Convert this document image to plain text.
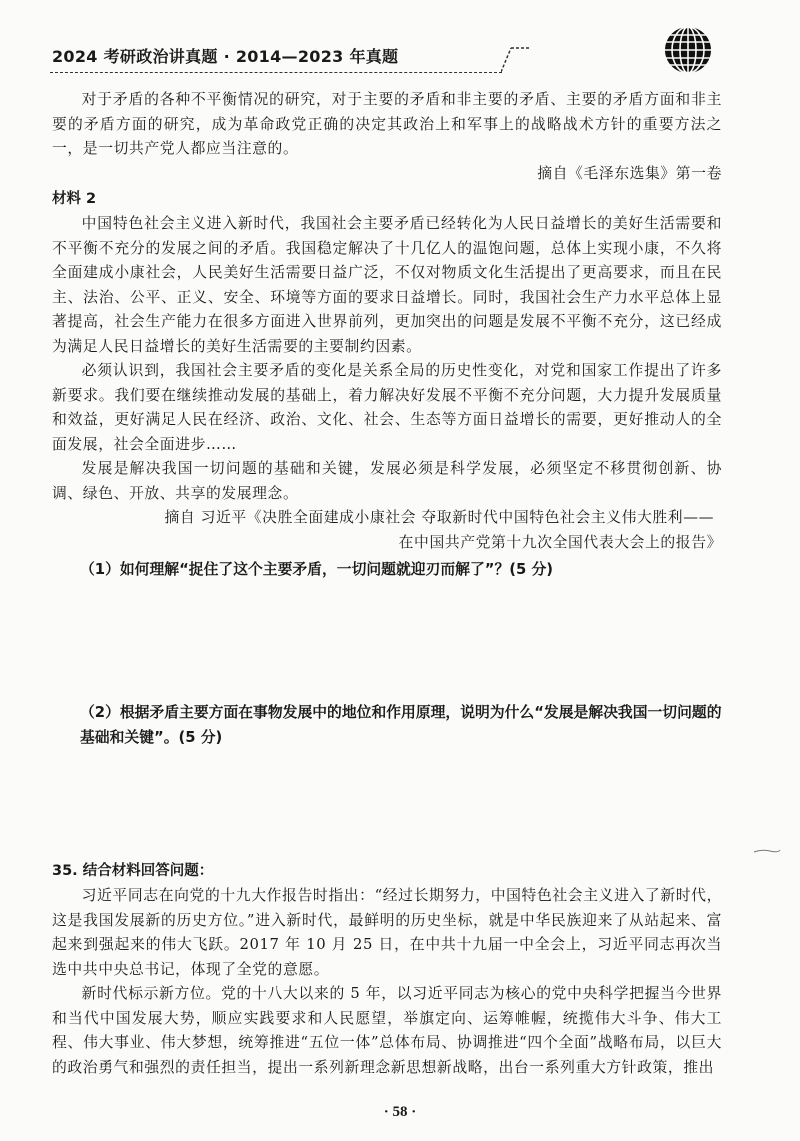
2024 考研政治讲真题 · 2014—2023 年真题

对于矛盾的各种不平衡情况的研究，对于主要的矛盾和非主要的矛盾、主要的矛盾方面和非主要的矛盾方面的研究，成为革命政党正确的决定其政治上和军事上的战略战术方针的重要方法之一，是一切共产党人都应当注意的。

摘自《毛泽东选集》第一卷

材料 2

中国特色社会主义进入新时代，我国社会主要矛盾已经转化为人民日益增长的美好生活需要和不平衡不充分的发展之间的矛盾。我国稳定解决了十几亿人的温饱问题，总体上实现小康，不久将全面建成小康社会，人民美好生活需要日益广泛，不仅对物质文化生活提出了更高要求，而且在民主、法治、公平、正义、安全、环境等方面的要求日益增长。同时，我国社会生产力水平总体上显著提高，社会生产能力在很多方面进入世界前列，更加突出的问题是发展不平衡不充分，这已经成为满足人民日益增长的美好生活需要的主要制约因素。

必须认识到，我国社会主要矛盾的变化是关系全局的历史性变化，对党和国家工作提出了许多新要求。我们要在继续推动发展的基础上，着力解决好发展不平衡不充分问题，大力提升发展质量和效益，更好满足人民在经济、政治、文化、社会、生态等方面日益增长的需要，更好推动人的全面发展，社会全面进步……

发展是解决我国一切问题的基础和关键，发展必须是科学发展，必须坚定不移贯彻创新、协调、绿色、开放、共享的发展理念。

摘自 习近平《决胜全面建成小康社会 夺取新时代中国特色社会主义伟大胜利——

在中国共产党第十九次全国代表大会上的报告》

（1）如何理解“捉住了这个主要矛盾，一切问题就迎刃而解了”？(5 分)

（2）根据矛盾主要方面在事物发展中的地位和作用原理，说明为什么“发展是解决我国一切问题的基础和关键”。(5 分)

35. 结合材料回答问题：

习近平同志在向党的十九大作报告时指出：“经过长期努力，中国特色社会主义进入了新时代，这是我国发展新的历史方位。”进入新时代，最鲜明的历史坐标，就是中华民族迎来了从站起来、富起来到强起来的伟大飞跃。2017 年 10 月 25 日，在中共十九届一中全会上，习近平同志再次当选中共中央总书记，体现了全党的意愿。

新时代标示新方位。党的十八大以来的 5 年，以习近平同志为核心的党中央科学把握当今世界和当代中国发展大势，顺应实践要求和人民愿望，举旗定向、运筹帷幄，统揽伟大斗争、伟大工程、伟大事业、伟大梦想，统筹推进“五位一体”总体布局、协调推进“四个全面”战略布局，以巨大的政治勇气和强烈的责任担当，提出一系列新理念新思想新战略，出台一系列重大方针政策，推出

· 58 ·
